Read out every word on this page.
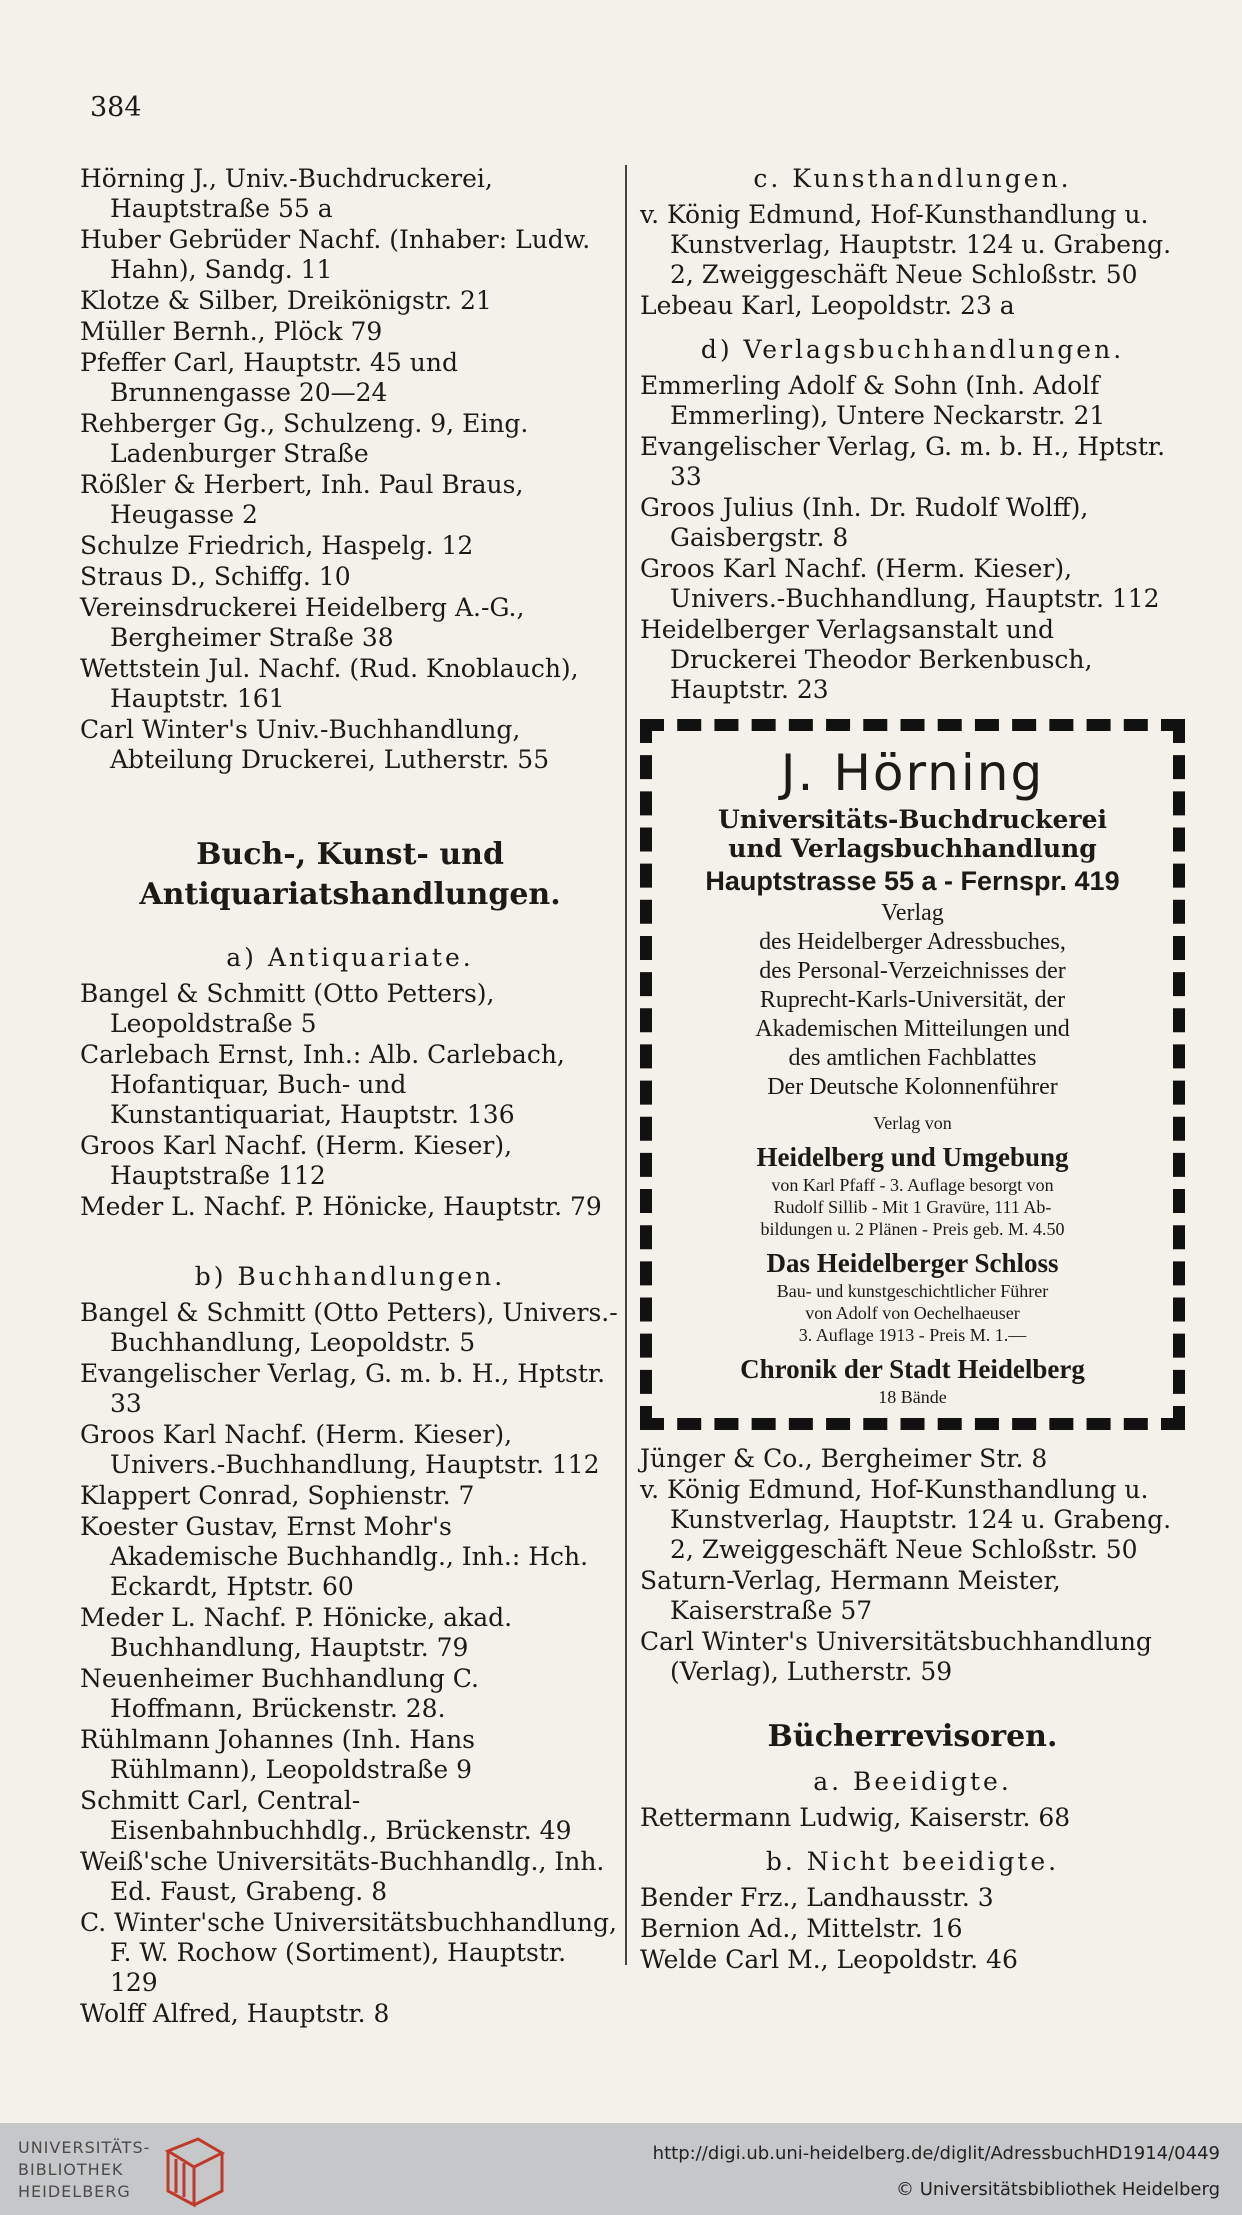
384

Hörning J., Univ.-Buchdruckerei, Hauptstraße 55 a

Huber Gebrüder Nachf. (Inhaber: Ludw. Hahn), Sandg. 11

Klotze & Silber, Dreikönigstr. 21

Müller Bernh., Plöck 79

Pfeffer Carl, Hauptstr. 45 und Brunnengasse 20—24

Rehberger Gg., Schulzeng. 9, Eing. Ladenburger Straße

Rößler & Herbert, Inh. Paul Braus, Heugasse 2

Schulze Friedrich, Haspelg. 12

Straus D., Schiffg. 10

Vereinsdruckerei Heidelberg A.-G., Bergheimer Straße 38

Wettstein Jul. Nachf. (Rud. Knoblauch), Hauptstr. 161

Carl Winter's Univ.-Buchhandlung, Abteilung Druckerei, Lutherstr. 55

Buch-, Kunst- und Antiquariatshandlungen.
a) Antiquariate.

Bangel & Schmitt (Otto Petters), Leopoldstraße 5

Carlebach Ernst, Inh.: Alb. Carlebach, Hofantiquar, Buch- und Kunstantiquariat, Hauptstr. 136

Groos Karl Nachf. (Herm. Kieser), Hauptstraße 112

Meder L. Nachf. P. Hönicke, Hauptstr. 79

b) Buchhandlungen.

Bangel & Schmitt (Otto Petters), Univers.-Buchhandlung, Leopoldstr. 5

Evangelischer Verlag, G. m. b. H., Hptstr. 33

Groos Karl Nachf. (Herm. Kieser), Univers.-Buchhandlung, Hauptstr. 112

Klappert Conrad, Sophienstr. 7

Koester Gustav, Ernst Mohr's Akademische Buchhandlg., Inh.: Hch. Eckardt, Hptstr. 60

Meder L. Nachf. P. Hönicke, akad. Buchhandlung, Hauptstr. 79

Neuenheimer Buchhandlung C. Hoffmann, Brückenstr. 28.

Rühlmann Johannes (Inh. Hans Rühlmann), Leopoldstraße 9

Schmitt Carl, Central-Eisenbahnbuchhdlg., Brückenstr. 49

Weiß'sche Universitäts-Buchhandlg., Inh. Ed. Faust, Grabeng. 8

C. Winter'sche Universitätsbuchhandlung, F. W. Rochow (Sortiment), Hauptstr. 129

Wolff Alfred, Hauptstr. 8

c. Kunsthandlungen.

v. König Edmund, Hof-Kunsthandlung u. Kunstverlag, Hauptstr. 124 u. Grabeng. 2, Zweiggeschäft Neue Schloßstr. 50

Lebeau Karl, Leopoldstr. 23 a

d) Verlagsbuchhandlungen.

Emmerling Adolf & Sohn (Inh. Adolf Emmerling), Untere Neckarstr. 21

Evangelischer Verlag, G. m. b. H., Hptstr. 33

Groos Julius (Inh. Dr. Rudolf Wolff), Gaisbergstr. 8

Groos Karl Nachf. (Herm. Kieser), Univers.-Buchhandlung, Hauptstr. 112

Heidelberger Verlagsanstalt und Druckerei Theodor Berkenbusch, Hauptstr. 23

J. Hörning
Universitäts-Buchdruckerei
und Verlagsbuchhandlung
Hauptstrasse 55 a - Fernspr. 419
Verlag
des Heidelberger Adressbuches,
des Personal-Verzeichnisses der
Ruprecht-Karls-Universität, der
Akademischen Mitteilungen und
des amtlichen Fachblattes
Der Deutsche Kolonnenführer
Verlag von
Heidelberg und Umgebung
von Karl Pfaff - 3. Auflage besorgt von
Rudolf Sillib - Mit 1 Gravüre, 111 Ab-
bildungen u. 2 Plänen - Preis geb. M. 4.50
Das Heidelberger Schloss
Bau- und kunstgeschichtlicher Führer
von Adolf von Oechelhaeuser
3. Auflage 1913 - Preis M. 1.—
Chronik der Stadt Heidelberg
18 Bände

Jünger & Co., Bergheimer Str. 8

v. König Edmund, Hof-Kunsthandlung u. Kunstverlag, Hauptstr. 124 u. Grabeng. 2, Zweiggeschäft Neue Schloßstr. 50

Saturn-Verlag, Hermann Meister, Kaiserstraße 57

Carl Winter's Universitätsbuchhandlung (Verlag), Lutherstr. 59

Bücherrevisoren.
a. Beeidigte.

Rettermann Ludwig, Kaiserstr. 68

b. Nicht beeidigte.

Bender Frz., Landhausstr. 3

Bernion Ad., Mittelstr. 16

Welde Carl M., Leopoldstr. 46

UNIVERSITÄTS-
BIBLIOTHEK
HEIDELBERG
http://digi.ub.uni-heidelberg.de/diglit/AdressbuchHD1914/0449
© Universitätsbibliothek Heidelberg
